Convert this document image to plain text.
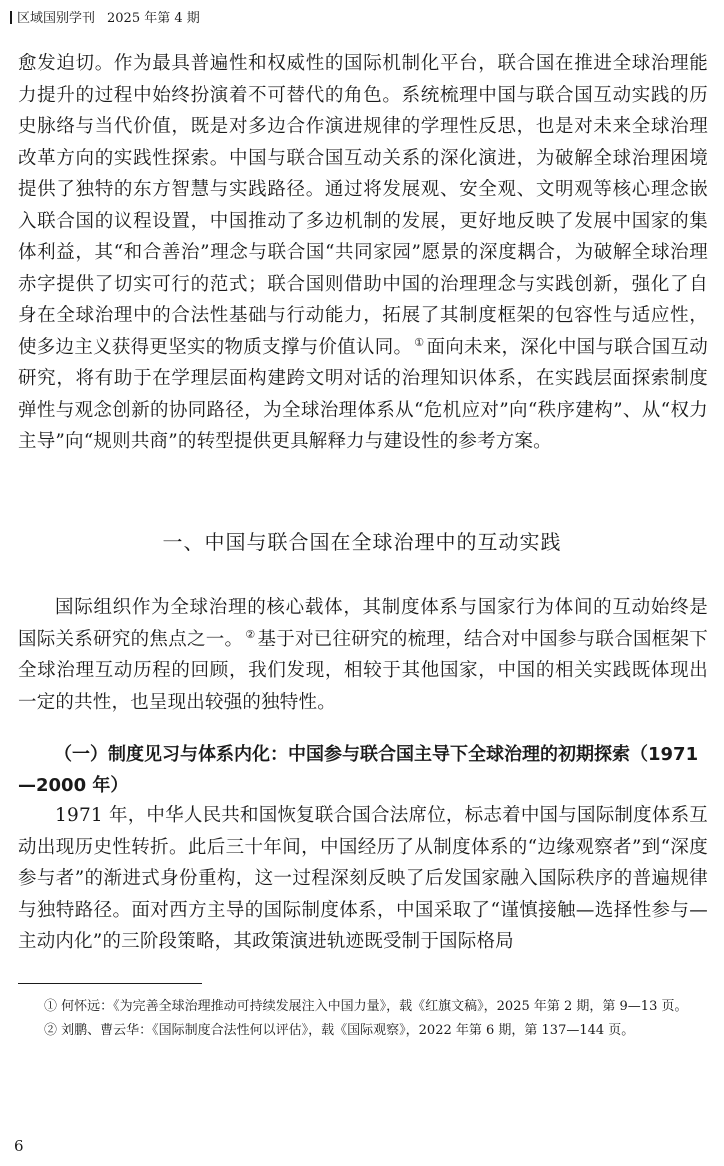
区域国别学刊 2025 年第 4 期
愈发迫切。作为最具普遍性和权威性的国际机制化平台，联合国在推进全球治理能力提升的过程中始终扮演着不可替代的角色。系统梳理中国与联合国互动实践的历史脉络与当代价值，既是对多边合作演进规律的学理性反思，也是对未来全球治理改革方向的实践性探索。中国与联合国互动关系的深化演进，为破解全球治理困境提供了独特的东方智慧与实践路径。通过将发展观、安全观、文明观等核心理念嵌入联合国的议程设置，中国推动了多边机制的发展，更好地反映了发展中国家的集体利益，其“和合善治”理念与联合国“共同家园”愿景的深度耦合，为破解全球治理赤字提供了切实可行的范式；联合国则借助中国的治理理念与实践创新，强化了自身在全球治理中的合法性基础与行动能力，拓展了其制度框架的包容性与适应性，使多边主义获得更坚实的物质支撑与价值认同。 ① 面向未来，深化中国与联合国互动研究，将有助于在学理层面构建跨文明对话的治理知识体系，在实践层面探索制度弹性与观念创新的协同路径，为全球治理体系从“危机应对”向“秩序建构”、从“权力主导”向“规则共商”的转型提供更具解释力与建设性的参考方案。
一、中国与联合国在全球治理中的互动实践
国际组织作为全球治理的核心载体，其制度体系与国家行为体间的互动始终是国际关系研究的焦点之一。 ② 基于对已往研究的梳理，结合对中国参与联合国框架下全球治理互动历程的回顾，我们发现，相较于其他国家，中国的相关实践既体现出一定的共性，也呈现出较强的独特性。
（一）制度见习与体系内化：中国参与联合国主导下全球治理的初期探索（1971—2000 年）
1971 年，中华人民共和国恢复联合国合法席位，标志着中国与国际制度体系互动出现历史性转折。此后三十年间，中国经历了从制度体系的“边缘观察者”到“深度参与者”的渐进式身份重构，这一过程深刻反映了后发国家融入国际秩序的普遍规律与独特路径。面对西方主导的国际制度体系，中国采取了“谨慎接触—选择性参与—主动内化”的三阶段策略，其政策演进轨迹既受制于国际格局
① 何怀远：《为完善全球治理推动可持续发展注入中国力量》，载《红旗文稿》，2025 年第 2 期，第 9—13 页。
② 刘鹏、曹云华：《国际制度合法性何以评估》，载《国际观察》，2022 年第 6 期，第 137—144 页。
6
